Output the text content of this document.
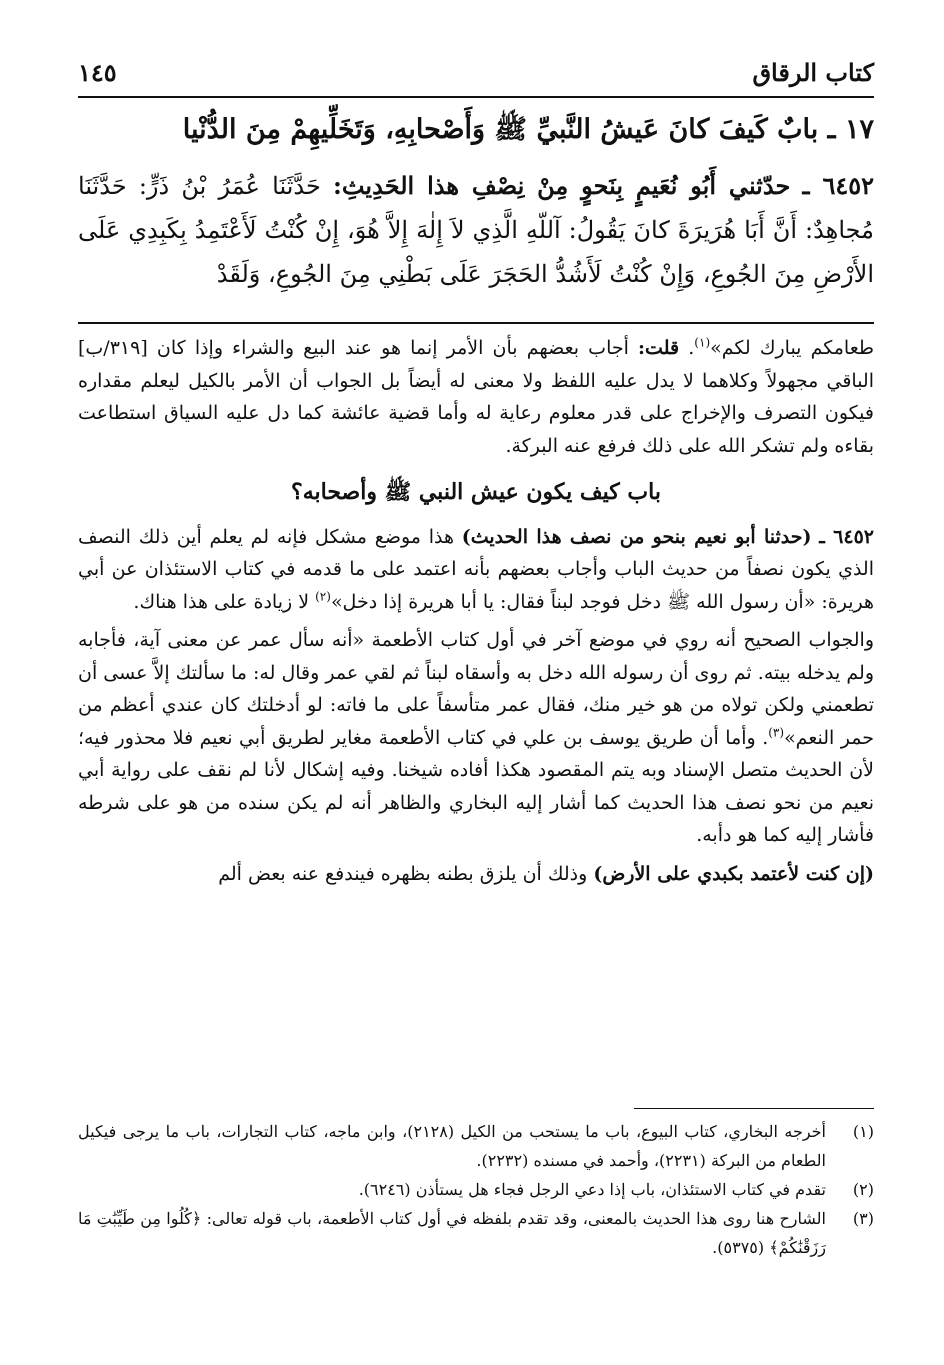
كتاب الرقاق
١٤٥
١٧ ـ بابٌ كَيفَ كانَ عَيشُ النَّبيِّ ﷺ وَأَصْحابِهِ، وَتَخَلِّيهِمْ مِنَ الدُّنْيا
٦٤٥٢ ـ حدّثني أَبُو نُعَيمٍ بِنَحوٍ مِنْ نِصْفِ هذا الحَدِيثِ: حَدَّثَنَا عُمَرُ بْنُ ذَرٍّ: حَدَّثَنَا مُجاهِدٌ: أَنَّ أَبَا هُرَيرَةَ كانَ يَقُولُ: آللّهِ الَّذِي لاَ إِلٰهَ إِلاَّ هُوَ، إِنْ كُنْتُ لَأَعْتَمِدُ بِكَبِدِي عَلَى الأَرْضِ مِنَ الجُوعِ، وَإِنْ كُنْتُ لَأَشُدُّ الحَجَرَ عَلَى بَطْنِي مِنَ الجُوعِ، وَلَقَدْ

طعامكم يبارك لكم»$^{(١)}$. قلت: أجاب بعضهم بأن الأمر إنما هو عند البيع والشراء وإذا كان [٣١٩/ب] الباقي مجهولاً وكلاهما لا يدل عليه اللفظ ولا معنى له أيضاً بل الجواب أن الأمر بالكيل ليعلم مقداره فيكون التصرف والإخراج على قدر معلوم رعاية له وأما قضية عائشة كما دل عليه السياق استطاعت بقاءه ولم تشكر الله على ذلك فرفع عنه البركة.

باب كيف يكون عيش النبي ﷺ وأصحابه؟

٦٤٥٢ ـ (حدثنا أبو نعيم بنحو من نصف هذا الحديث) هذا موضع مشكل فإنه لم يعلم أين ذلك النصف الذي يكون نصفاً من حديث الباب وأجاب بعضهم بأنه اعتمد على ما قدمه في كتاب الاستئذان عن أبي هريرة: «أن رسول الله ﷺ دخل فوجد لبناً فقال: يا أبا هريرة إذا دخل»$^{(٢)}$ لا زيادة على هذا هناك.

والجواب الصحيح أنه روي في موضع آخر في أول كتاب الأطعمة «أنه سأل عمر عن معنى آية، فأجابه ولم يدخله بيته. ثم روى أن رسوله الله دخل به وأسقاه لبناً ثم لقي عمر وقال له: ما سألتك إلاَّ عسى أن تطعمني ولكن تولاه من هو خير منك، فقال عمر متأسفاً على ما فاته: لو أدخلتك كان عندي أعظم من حمر النعم»$^{(٣)}$. وأما أن طريق يوسف بن علي في كتاب الأطعمة مغاير لطريق أبي نعيم فلا محذور فيه؛ لأن الحديث متصل الإسناد وبه يتم المقصود هكذا أفاده شيخنا. وفيه إشكال لأنا لم نقف على رواية أبي نعيم من نحو نصف هذا الحديث كما أشار إليه البخاري والظاهر أنه لم يكن سنده من هو على شرطه فأشار إليه كما هو دأبه.

(إن كنت لأعتمد بكبدي على الأرض) وذلك أن يلزق بطنه بظهره فيندفع عنه بعض ألم

(١)
أخرجه البخاري، كتاب البيوع، باب ما يستحب من الكيل (٢١٢٨)، وابن ماجه، كتاب التجارات، باب ما يرجى فيكيل الطعام من البركة (٢٢٣١)، وأحمد في مسنده (٢٢٣٢).
(٢)
تقدم في كتاب الاستئذان، باب إذا دعي الرجل فجاء هل يستأذن (٦٢٤٦).
(٣)
الشارح هنا روى هذا الحديث بالمعنى، وقد تقدم بلفظه في أول كتاب الأطعمة، باب قوله تعالى: ﴿كُلُوا مِن طَيِّبَٰتِ مَا رَزَقْنَٰكُمْ﴾ (٥٣٧٥).
